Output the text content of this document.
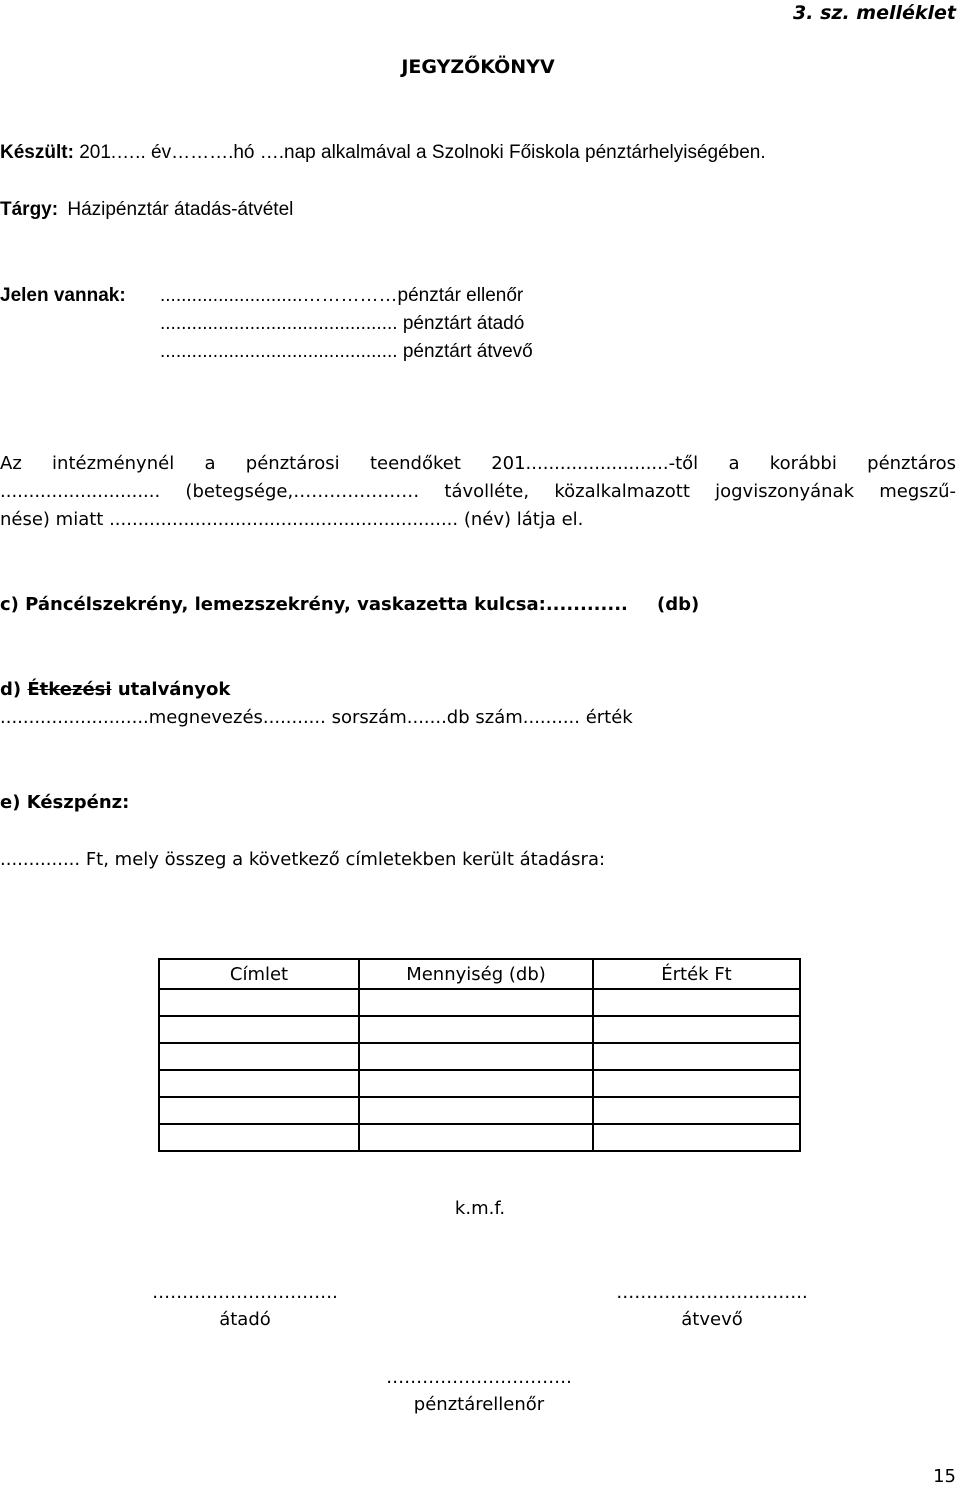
3. sz. melléklet
JEGYZŐKÖNYV
Készült: 201.….. év……….hó ….nap alkalmával a Szolnoki Főiskola pénztárhelyiségében.
Tárgy: Házipénztár átadás-átvétel
Jelen vannak: ...........................……………pénztár ellenőr
............................................. pénztárt átadó
............................................. pénztárt átvevő
Az intézménynél a pénztárosi teendőket 201.........................-től a korábbi pénztáros
............................ (betegsége,………………… távolléte, közalkalmazott jogviszonyának megszű-
nése) miatt ............................................................. (név) látja el.
c) Páncélszekrény, lemezszekrény, vaskazetta kulcsa:............ (db)
d) Étkezési utalványok
..........................megnevezés........... sorszám.......db szám.......... érték
e) Készpénz:
.............. Ft, mely összeg a következő címletekben került átadásra:
Címlet	Mennyiség (db)	Érték Ft

k.m.f.
………………………….
átadó
…………………………..
átvevő
………………………….
pénztárellenőr
15
